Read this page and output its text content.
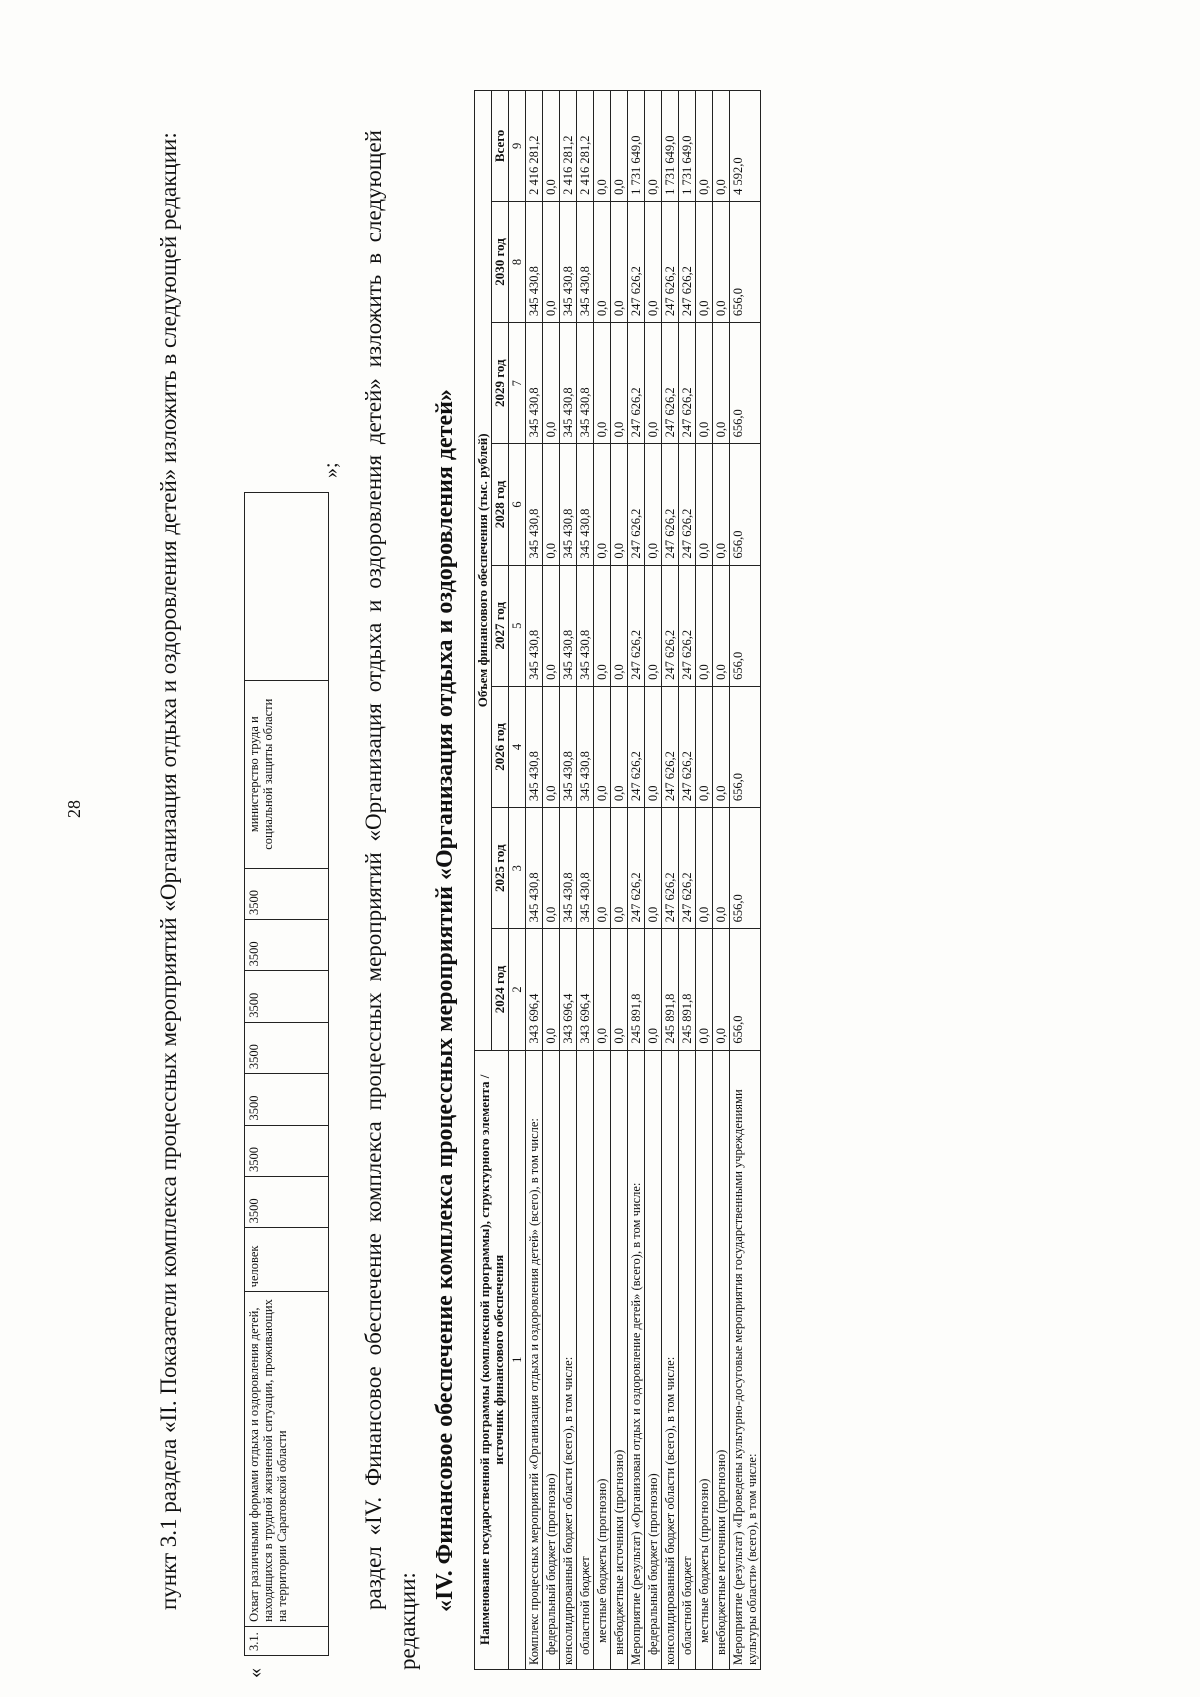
28	пункт 3.1 раздела «II. Показатели комплекса процессных мероприятий «Организация отдыха и оздоровления детей» изложить в следующей редакции:

«
3.1.	Охват различными формами отдыха и оздоровления детей, находящихся в трудной жизненной ситуации, проживающих на территории Саратовской области	человек	3500	3500	3500	3500	3500	3500	3500	министерство труда и социальной защиты области	
»; раздел «IV. Финансовое обеспечение комплекса процессных мероприятий «Организация отдыха и оздоровления детей» изложить в следующей редакции:

«IV. Финансовое обеспечение комплекса процессных мероприятий «Организация отдыха и оздоровления детей» Наименование государственной программы (комплексной программы), структурного элемента / источник финансового обеспечения	Объем финансового обеспечения (тыс. рублей)							
	2024 год	2025 год	2026 год	2027 год	2028 год	2029 год	2030 год	Всего
1	2	3	4	5	6	7	8	9
Комплекс процессных мероприятий «Организация отдыха и оздоровления детей» (всего), в том числе:	343 696,4	345 430,8	345 430,8	345 430,8	345 430,8	345 430,8	345 430,8	2 416 281,2
федеральный бюджет (прогнозно)	0,0	0,0	0,0	0,0	0,0	0,0	0,0	0,0
консолидированный бюджет области (всего), в том числе:	343 696,4	345 430,8	345 430,8	345 430,8	345 430,8	345 430,8	345 430,8	2 416 281,2
областной бюджет	343 696,4	345 430,8	345 430,8	345 430,8	345 430,8	345 430,8	345 430,8	2 416 281,2
местные бюджеты (прогнозно)	0,0	0,0	0,0	0,0	0,0	0,0	0,0	0,0
внебюджетные источники (прогнозно)	0,0	0,0	0,0	0,0	0,0	0,0	0,0	0,0
Мероприятие (результат) «Организован отдых и оздоровление детей» (всего), в том числе:	245 891,8	247 626,2	247 626,2	247 626,2	247 626,2	247 626,2	247 626,2	1 731 649,0
федеральный бюджет (прогнозно)	0,0	0,0	0,0	0,0	0,0	0,0	0,0	0,0
консолидированный бюджет области (всего), в том числе:	245 891,8	247 626,2	247 626,2	247 626,2	247 626,2	247 626,2	247 626,2	1 731 649,0
областной бюджет	245 891,8	247 626,2	247 626,2	247 626,2	247 626,2	247 626,2	247 626,2	1 731 649,0
местные бюджеты (прогнозно)	0,0	0,0	0,0	0,0	0,0	0,0	0,0	0,0
внебюджетные источники (прогнозно)	0,0	0,0	0,0	0,0	0,0	0,0	0,0	0,0
Мероприятие (результат) «Проведены культурно-досуговые мероприятия государственными учреждениями культуры области» (всего), в том числе:	656,0	656,0	656,0	656,0	656,0	656,0	656,0	4 592,0
